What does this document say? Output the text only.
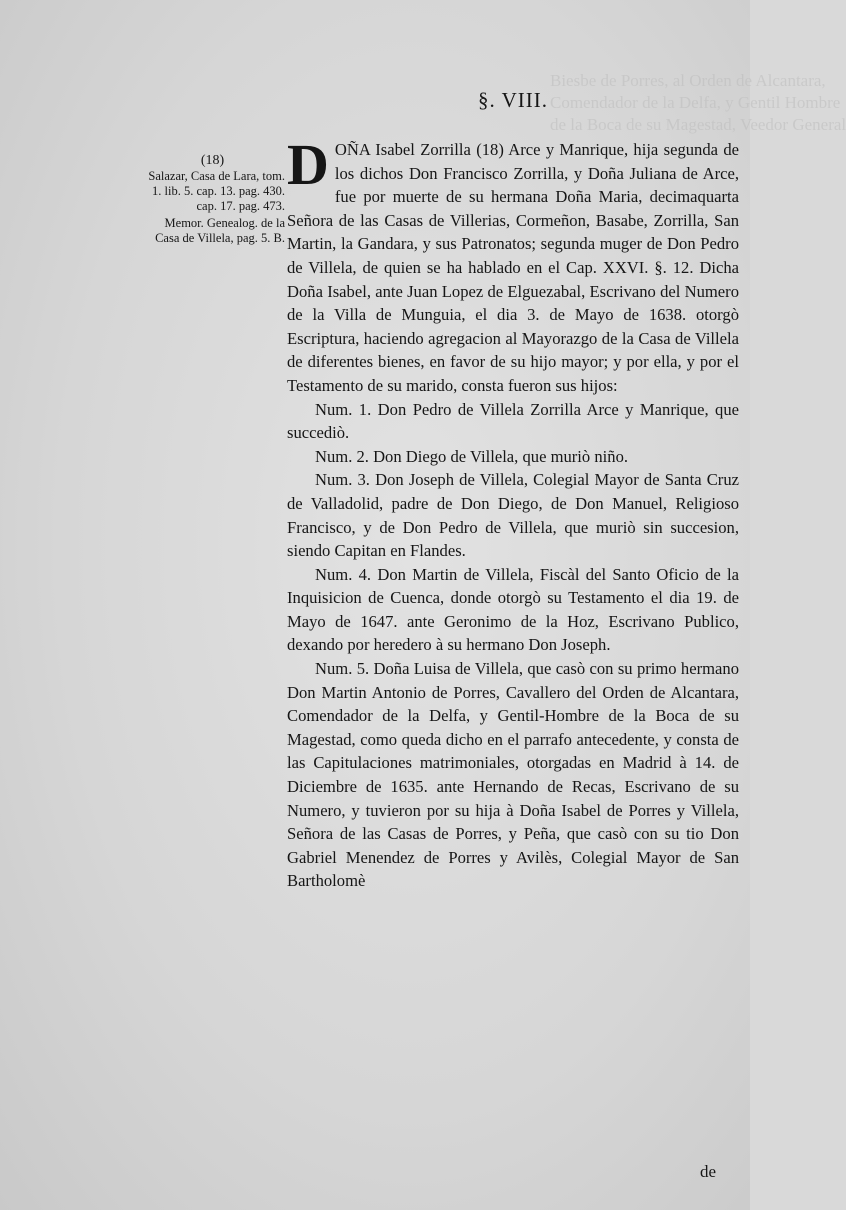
Biesbe de Porres, al Orden de Alcantara,
Comendador de la Delfa, y Gentil Hombre
de la Boca de su Magestad, Veedor General
§. VIII.
(18)

Salazar, Casa de Lara, tom. 1. lib. 5. cap. 13. pag. 430. cap. 17. pag. 473.

Memor. Genealog. de la Casa de Villela, pag. 5. B.

D OÑA Isabel Zorrilla (18) Arce y Manrique, hija segunda de los dichos Don Francisco Zorrilla, y Doña Juliana de Arce, fue por muerte de su hermana Doña Maria, decimaquarta Señora de las Casas de Villerias, Cormeñon, Basabe, Zorrilla, San Martin, la Gandara, y sus Patronatos; segunda muger de Don Pedro de Villela, de quien se ha hablado en el Cap. XXVI. §. 12. Dicha Doña Isabel, ante Juan Lopez de Elguezabal, Escrivano del Numero de la Villa de Munguia, el dia 3. de Mayo de 1638. otorgò Escriptura, haciendo agregacion al Mayorazgo de la Casa de Villela de diferentes bienes, en favor de su hijo mayor; y por ella, y por el Testamento de su marido, consta fueron sus hijos:

Num. 1. Don Pedro de Villela Zorrilla Arce y Manrique, que succediò.

Num. 2. Don Diego de Villela, que muriò niño.

Num. 3. Don Joseph de Villela, Colegial Mayor de Santa Cruz de Valladolid, padre de Don Diego, de Don Manuel, Religioso Francisco, y de Don Pedro de Villela, que muriò sin succesion, siendo Capitan en Flandes.

Num. 4. Don Martin de Villela, Fiscàl del Santo Oficio de la Inquisicion de Cuenca, donde otorgò su Testamento el dia 19. de Mayo de 1647. ante Geronimo de la Hoz, Escrivano Publico, dexando por heredero à su hermano Don Joseph.

Num. 5. Doña Luisa de Villela, que casò con su primo hermano Don Martin Antonio de Porres, Cavallero del Orden de Alcantara, Comendador de la Delfa, y Gentil-Hombre de la Boca de su Magestad, como queda dicho en el parrafo antecedente, y consta de las Capitulaciones matrimoniales, otorgadas en Madrid à 14. de Diciembre de 1635. ante Hernando de Recas, Escrivano de su Numero, y tuvieron por su hija à Doña Isabel de Porres y Villela, Señora de las Casas de Porres, y Peña, que casò con su tio Don Gabriel Menendez de Porres y Avilès, Colegial Mayor de San Bartholomè

de
